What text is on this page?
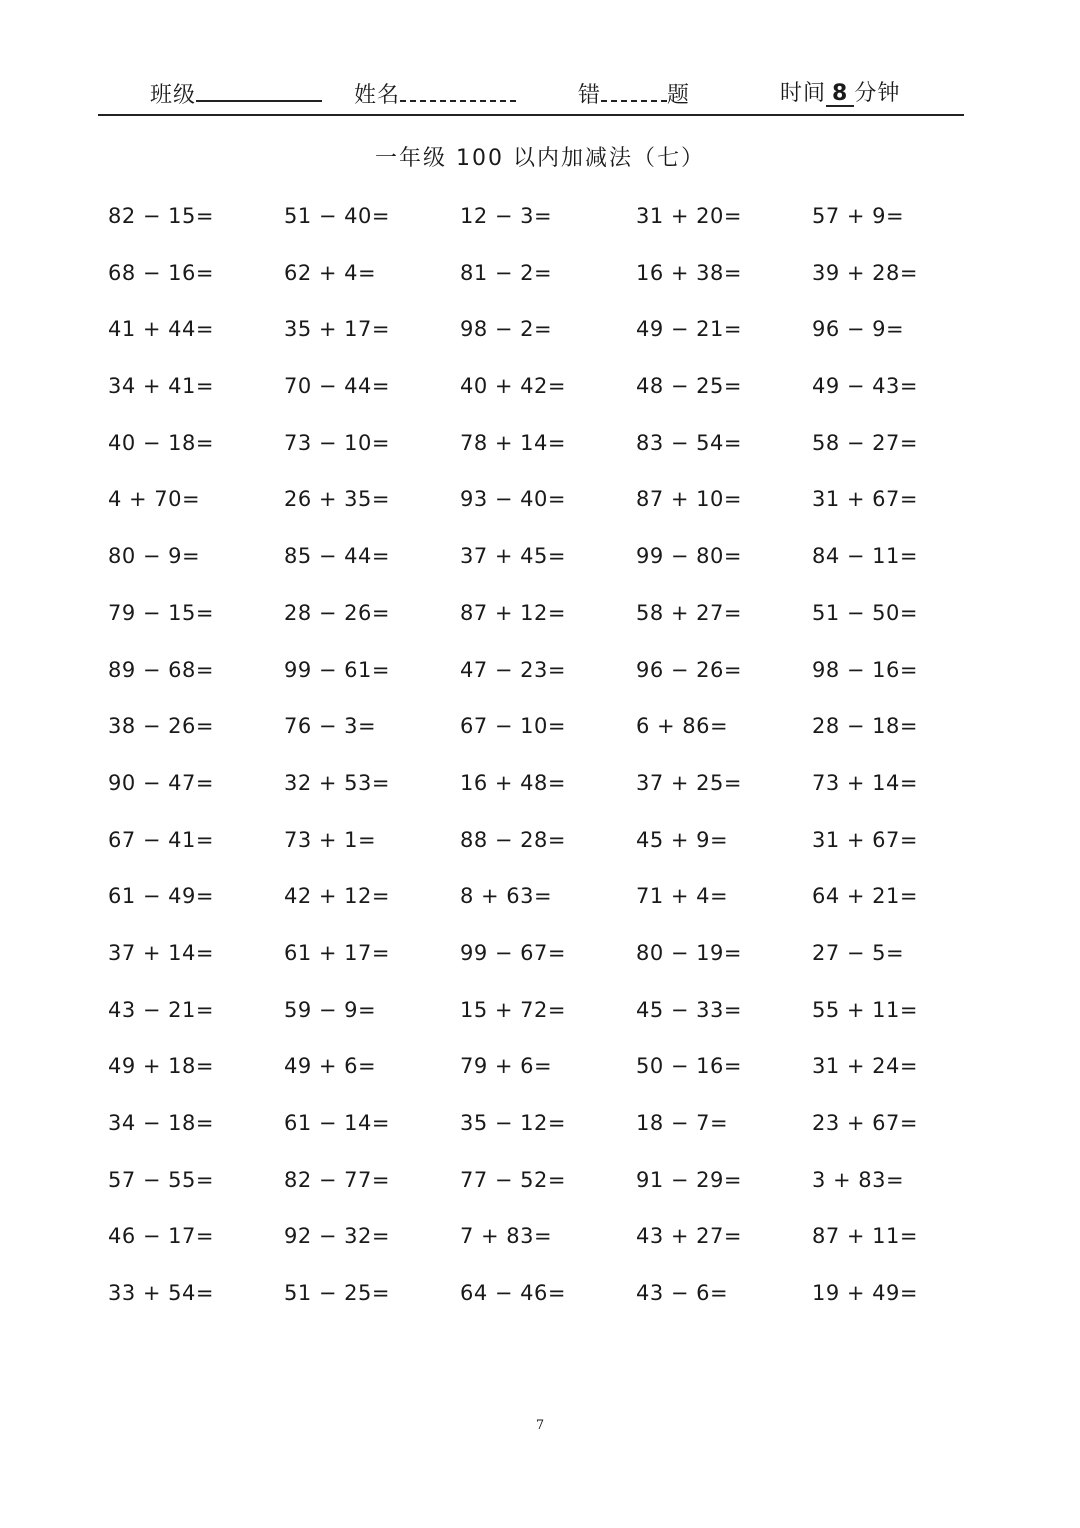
班级	姓名	错	题	时间 8 分钟
一年级 100 以内加减法（七）
82 − 15=	51 − 40=	12 − 3=	31 + 20=	57 + 9=
68 − 16=	62 + 4=	81 − 2=	16 + 38=	39 + 28=
41 + 44=	35 + 17=	98 − 2=	49 − 21=	96 − 9=
34 + 41=	70 − 44=	40 + 42=	48 − 25=	49 − 43=
40 − 18=	73 − 10=	78 + 14=	83 − 54=	58 − 27=
4 + 70=	26 + 35=	93 − 40=	87 + 10=	31 + 67=
80 − 9=	85 − 44=	37 + 45=	99 − 80=	84 − 11=
79 − 15=	28 − 26=	87 + 12=	58 + 27=	51 − 50=
89 − 68=	99 − 61=	47 − 23=	96 − 26=	98 − 16=
38 − 26=	76 − 3=	67 − 10=	6 + 86=	28 − 18=
90 − 47=	32 + 53=	16 + 48=	37 + 25=	73 + 14=
67 − 41=	73 + 1=	88 − 28=	45 + 9=	31 + 67=
61 − 49=	42 + 12=	8 + 63=	71 + 4=	64 + 21=
37 + 14=	61 + 17=	99 − 67=	80 − 19=	27 − 5=
43 − 21=	59 − 9=	15 + 72=	45 − 33=	55 + 11=
49 + 18=	49 + 6=	79 + 6=	50 − 16=	31 + 24=
34 − 18=	61 − 14=	35 − 12=	18 − 7=	23 + 67=
57 − 55=	82 − 77=	77 − 52=	91 − 29=	3 + 83=
46 − 17=	92 − 32=	7 + 83=	43 + 27=	87 + 11=
33 + 54=	51 − 25=	64 − 46=	43 − 6=	19 + 49=
7
